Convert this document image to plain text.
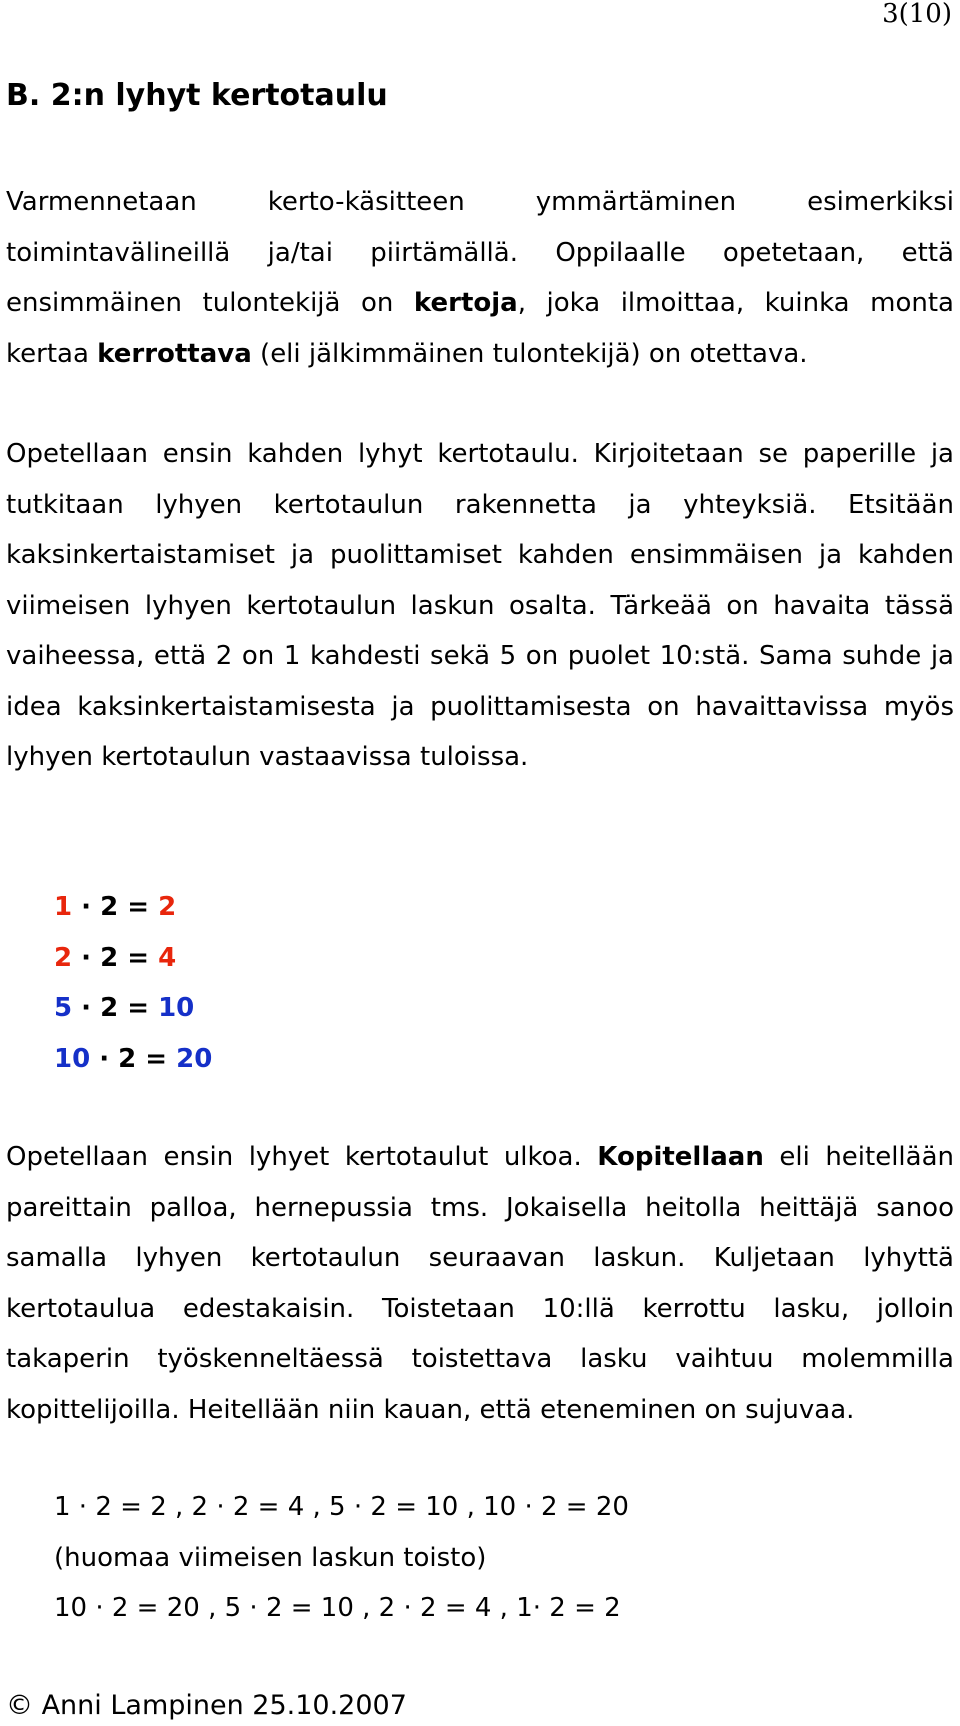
3(10)
B. 2:n lyhyt kertotaulu

Varmennetaan kerto-käsitteen ymmärtäminen esimerkiksi toimintavälineillä ja/tai piirtämällä. Oppilaalle opetetaan, että ensimmäinen tulontekijä on kertoja, joka ilmoittaa, kuinka monta kertaa kerrottava (eli jälkimmäinen tulontekijä) on otettava.

Opetellaan ensin kahden lyhyt kertotaulu. Kirjoitetaan se paperille ja tutkitaan lyhyen kertotaulun rakennetta ja yhteyksiä. Etsitään kaksinkertaistamiset ja puolittamiset kahden ensimmäisen ja kahden viimeisen lyhyen kertotaulun laskun osalta. Tärkeää on havaita tässä vaiheessa, että 2 on 1 kahdesti sekä 5 on puolet 10:stä. Sama suhde ja idea kaksinkertaistamisesta ja puolittamisesta on havaittavissa myös lyhyen kertotaulun vastaavissa tuloissa.

1 · 2 = 2
2 · 2 = 4
5 · 2 = 10
10 · 2 = 20

Opetellaan ensin lyhyet kertotaulut ulkoa. Kopitellaan eli heitellään pareittain palloa, hernepussia tms. Jokaisella heitolla heittäjä sanoo samalla lyhyen kertotaulun seuraavan laskun. Kuljetaan lyhyttä kertotaulua edestakaisin. Toistetaan 10:llä kerrottu lasku, jolloin takaperin työskenneltäessä toistettava lasku vaihtuu molemmilla kopittelijoilla. Heitellään niin kauan, että eteneminen on sujuvaa.

1 · 2 = 2 , 2 · 2 = 4 , 5 · 2 = 10 , 10 · 2 = 20
(huomaa viimeisen laskun toisto)
10 · 2 = 20 , 5 · 2 = 10 , 2 · 2 = 4 , 1· 2 = 2
© Anni Lampinen 25.10.2007
